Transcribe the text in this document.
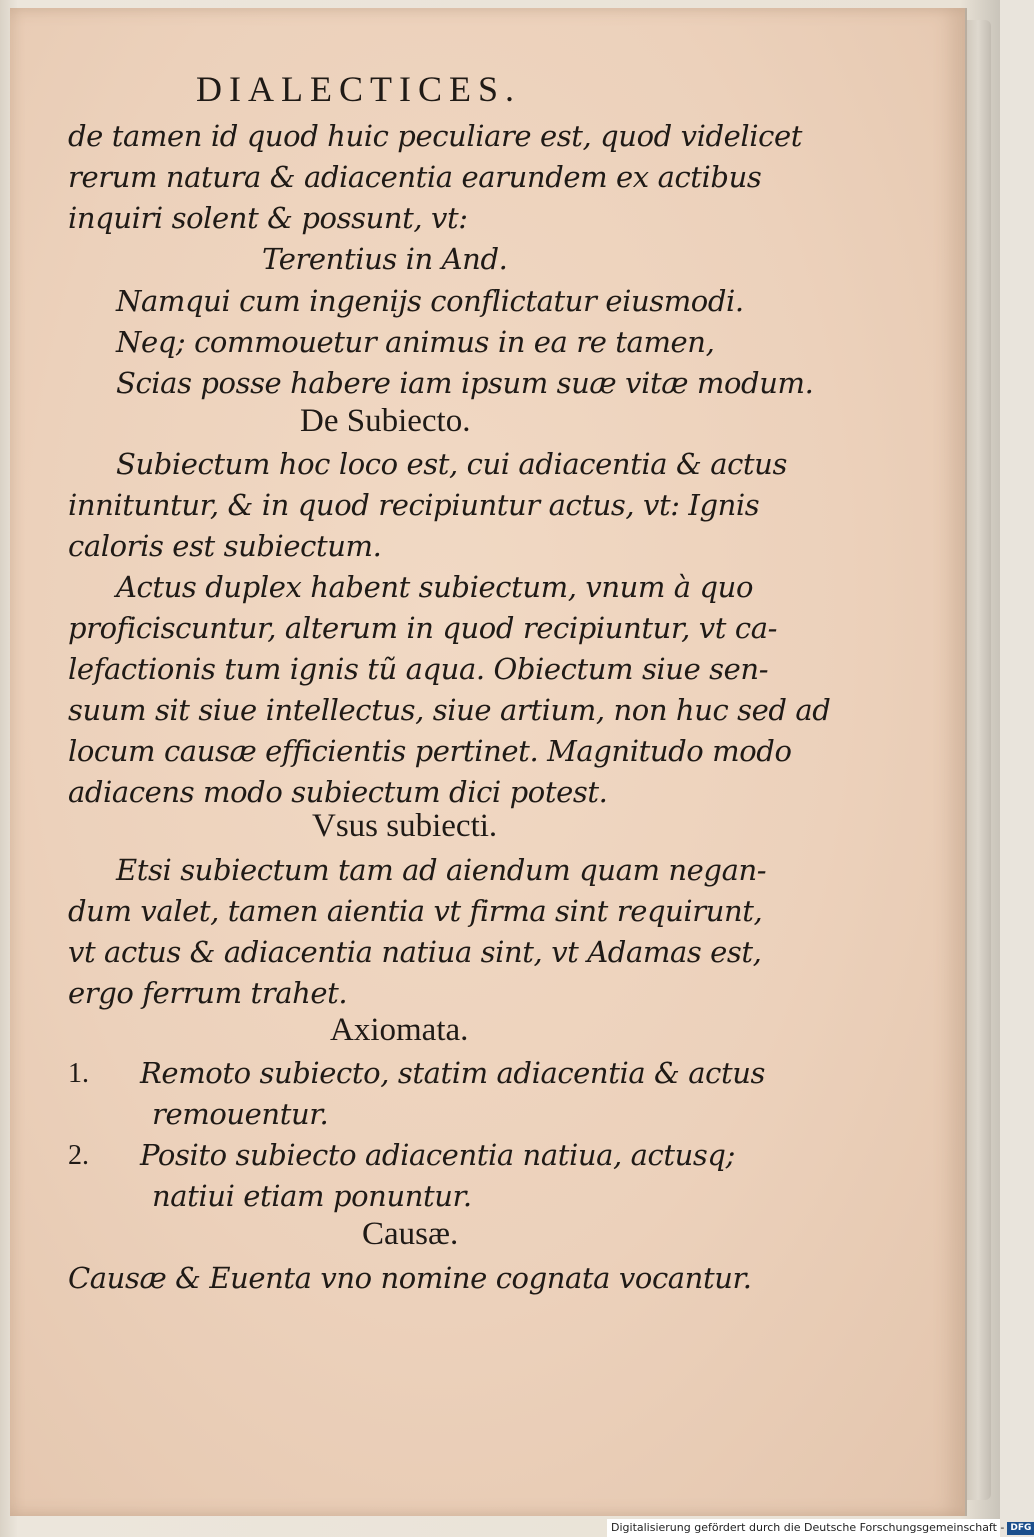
DIALECTICES.
de tamen id quod huic peculiare est, quod videlicet
rerum natura & adiacentia earundem ex actibus
inquiri solent & possunt, vt:
Terentius in And.
Namqui cum ingenijs conflictatur eiusmodi.
Neq; commouetur animus in ea re tamen,
Scias posse habere iam ipsum suæ vitæ modum.
De Subiecto.
Subiectum hoc loco est, cui adiacentia & actus
innituntur, & in quod recipiuntur actus, vt: Ignis
caloris est subiectum.
Actus duplex habent subiectum, vnum à quo
proficiscuntur, alterum in quod recipiuntur, vt ca-
lefactionis tum ignis tũ aqua. Obiectum siue sen-
suum sit siue intellectus, siue artium, non huc sed ad
locum causæ efficientis pertinet. Magnitudo modo
adiacens modo subiectum dici potest.
Vsus subiecti.
Etsi subiectum tam ad aiendum quam negan-
dum valet, tamen aientia vt firma sint requirunt,
vt actus & adiacentia natiua sint, vt Adamas est,
ergo ferrum trahet.
Axiomata.
1. Remoto subiecto, statim adiacentia & actus
remouentur.
2. Posito subiecto adiacentia natiua, actusq;
natiui etiam ponuntur.
Causæ.
Causæ & Euenta vno nomine cognata vocantur.
Digitalisierung gefördert durch die Deutsche Forschungsgemeinschaft - DFG
